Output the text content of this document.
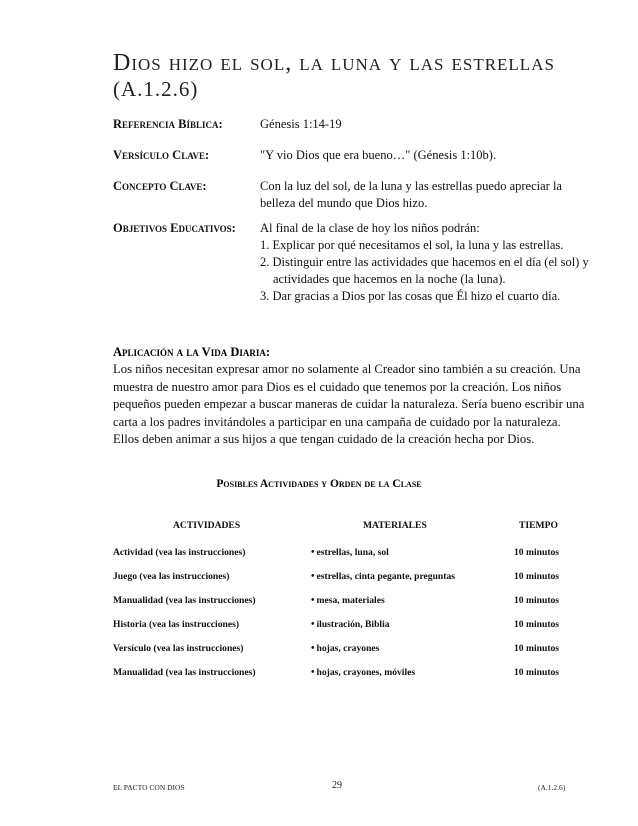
Dios hizo el sol, la luna y las estrellas
(A.1.2.6)
Referencia Bíblica:	Génesis 1:14-19
Versículo Clave:	"Y vio Dios que era bueno…" (Génesis 1:10b).
Concepto Clave:	Con la luz del sol, de la luna y las estrellas puedo apreciar la belleza del mundo que Dios hizo.
Objetivos Educativos: Al final de la clase de hoy los niños podrán:
1. Explicar por qué necesitamos el sol, la luna y las estrellas.
2. Distinguir entre las actividades que hacemos en el día (el sol) y actividades que hacemos en la noche (la luna).
3. Dar gracias a Dios por las cosas que Él hizo el cuarto día.
Aplicación a la Vida Diaria:
Los niños necesitan expresar amor no solamente al Creador sino también a su creación. Una muestra de nuestro amor para Dios es el cuidado que tenemos por la creación. Los niños pequeños pueden empezar a buscar maneras de cuidar la naturaleza. Sería bueno escribir una carta a los padres invitándoles a participar en una campaña de cuidado por la naturaleza. Ellos deben animar a sus hijos a que tengan cuidado de la creación hecha por Dios.
Posibles Actividades y Orden de la Clase
ACTIVIDADES	MATERIALES	TIEMPO
Actividad (vea las instrucciones)	• estrellas, luna, sol	10 minutos
Juego (vea las instrucciones)	• estrellas, cinta pegante, preguntas	10 minutos
Manualidad (vea las instrucciones)	• mesa, materiales	10 minutos
Historia (vea las instrucciones)	• ilustración, Biblia	10 minutos
Versículo (vea las instrucciones)	• hojas, crayones	10 minutos
Manualidad (vea las instrucciones)	• hojas, crayones, móviles	10 minutos
EL PACTO CON DIOS	29	(A.1.2.6)
